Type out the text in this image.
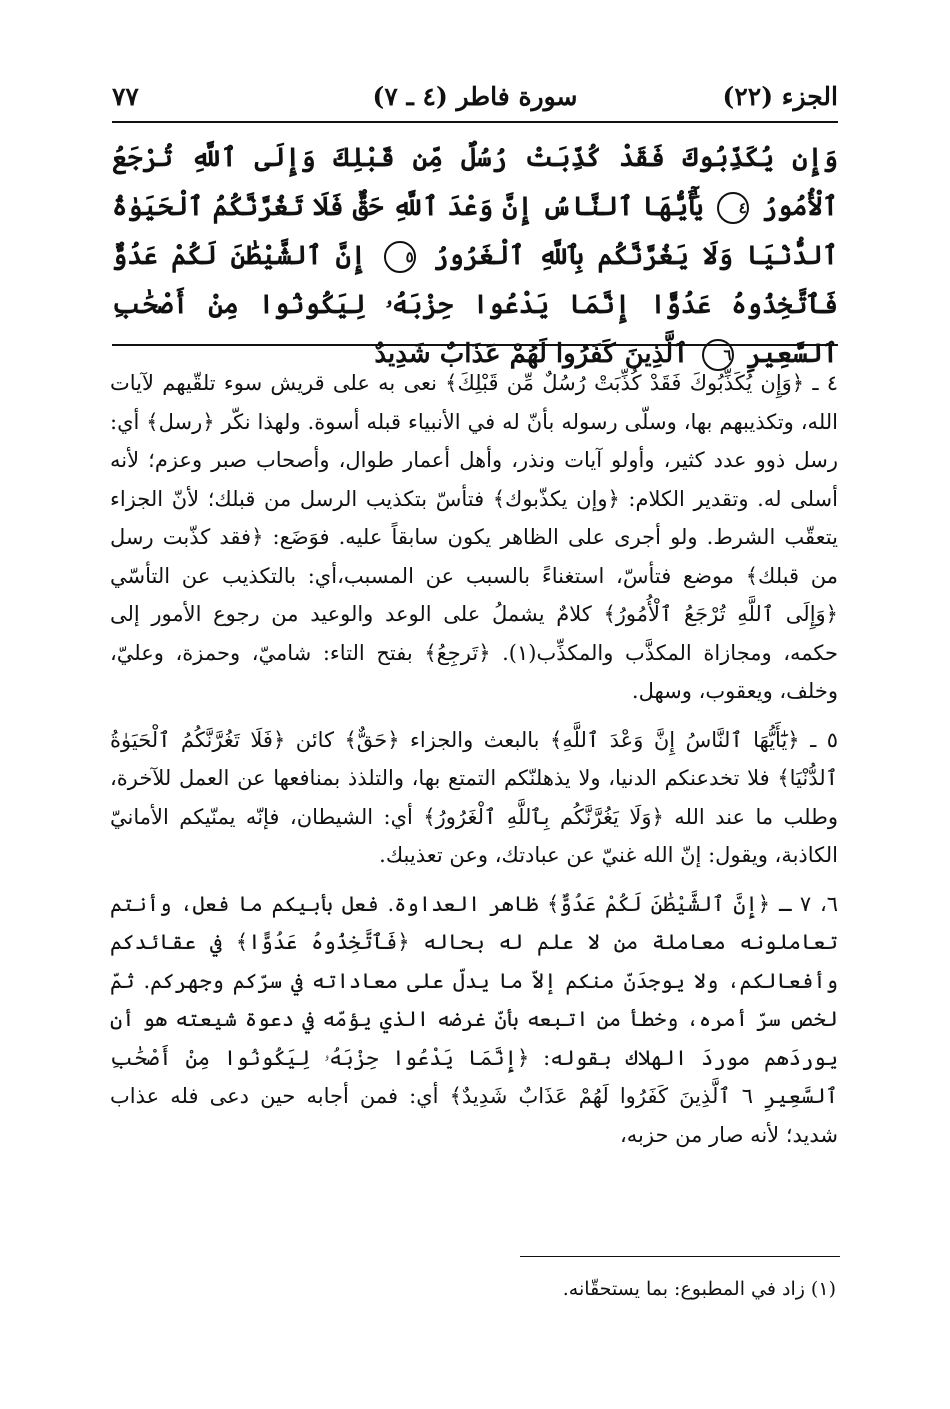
الجزء (٢٢)
سورة فاطر (٤ ـ ٧)
٧٧
وَإِن يُكَذِّبُوكَ فَقَدْ كُذِّبَتْ رُسُلٌ مِّن قَبْلِكَ وَإِلَى ٱللَّهِ تُرْجَعُ ٱلْأُمُورُ ٤ يَٰٓأَيُّهَا ٱلنَّاسُ إِنَّ وَعْدَ ٱللَّهِ حَقٌّ فَلَا تَغُرَّنَّكُمُ ٱلْحَيَوٰةُ ٱلدُّنْيَا وَلَا يَغُرَّنَّكُم بِٱللَّهِ ٱلْغَرُورُ ٥ إِنَّ ٱلشَّيْطَٰنَ لَكُمْ عَدُوٌّ فَٱتَّخِذُوهُ عَدُوًّا إِنَّمَا يَدْعُوا حِزْبَهُۥ لِيَكُونُوا مِنْ أَصْحَٰبِ ٱلسَّعِيرِ ٦ ٱلَّذِينَ كَفَرُوا لَهُمْ عَذَابٌ شَدِيدٌ

٤ ـ ﴿وَإِن يُكَذِّبُوكَ فَقَدْ كُذِّبَتْ رُسُلٌ مِّن قَبْلِكَ﴾ نعى به على قريش سوء تلقّيهم لآيات الله، وتكذيبهم بها، وسلّى رسوله بأنّ له في الأنبياء قبله أسوة. ولهذا نكّر ﴿رسل﴾ أي: رسل ذوو عدد كثير، وأولو آيات ونذر، وأهل أعمار طوال، وأصحاب صبر وعزم؛ لأنه أسلى له. وتقدير الكلام: ﴿وإن يكذّبوك﴾ فتأسّ بتكذيب الرسل من قبلك؛ لأنّ الجزاء يتعقّب الشرط. ولو أجرى على الظاهر يكون سابقاً عليه. فوَضَع: ﴿فقد كذّبت رسل من قبلك﴾ موضع فتأسّ، استغناءً بالسبب عن المسبب،أي: بالتكذيب عن التأسّي ﴿وَإِلَى ٱللَّهِ تُرْجَعُ ٱلْأُمُورُ﴾ كلامٌ يشملُ على الوعد والوعيد من رجوع الأمور إلى حكمه، ومجازاة المكذَّب والمكذِّب(١). ﴿تَرجِعُ﴾ بفتح التاء: شاميّ، وحمزة، وعليّ، وخلف، ويعقوب، وسهل.

٥ ـ ﴿يَٰٓأَيُّهَا ٱلنَّاسُ إِنَّ وَعْدَ ٱللَّهِ﴾ بالبعث والجزاء ﴿حَقٌّ﴾ كائن ﴿فَلَا تَغُرَّنَّكُمُ ٱلْحَيَوٰةُ ٱلدُّنْيَا﴾ فلا تخدعنكم الدنيا، ولا يذهلنّكم التمتع بها، والتلذذ بمنافعها عن العمل للآخرة، وطلب ما عند الله ﴿وَلَا يَغُرَّنَّكُم بِٱللَّهِ ٱلْغَرُورُ﴾ أي: الشيطان، فإنّه يمنّيكم الأمانيّ الكاذبة، ويقول: إنّ الله غنيّ عن عبادتك، وعن تعذيبك.

٦، ٧ ـ ﴿إِنَّ ٱلشَّيْطَٰنَ لَكُمْ عَدُوٌّ﴾ ظاهر العداوة. فعل بأبيكم ما فعل، وأنتم تعاملونه معاملة من لا علم له بحاله ﴿فَٱتَّخِذُوهُ عَدُوًّا﴾ في عقائدكم وأفعالكم، ولا يوجدَنّ منكم إلاّ ما يدلّ على معاداته في سرّكم وجهركم. ثمّ لخص سرّ أمره، وخطأ من اتبعه بأنّ غرضه الذي يؤمّه في دعوة شيعته هو أن يوردَهم موردَ الهلاك بقوله: ﴿إِنَّمَا يَدْعُوا حِزْبَهُۥ لِيَكُونُوا مِنْ أَصْحَٰبِ ٱلسَّعِيرِ ٦ ٱلَّذِينَ كَفَرُوا لَهُمْ عَذَابٌ شَدِيدٌ﴾ أي: فمن أجابه حين دعى فله عذاب شديد؛ لأنه صار من حزبه،

(١) زاد في المطبوع: بما يستحقّانه.
